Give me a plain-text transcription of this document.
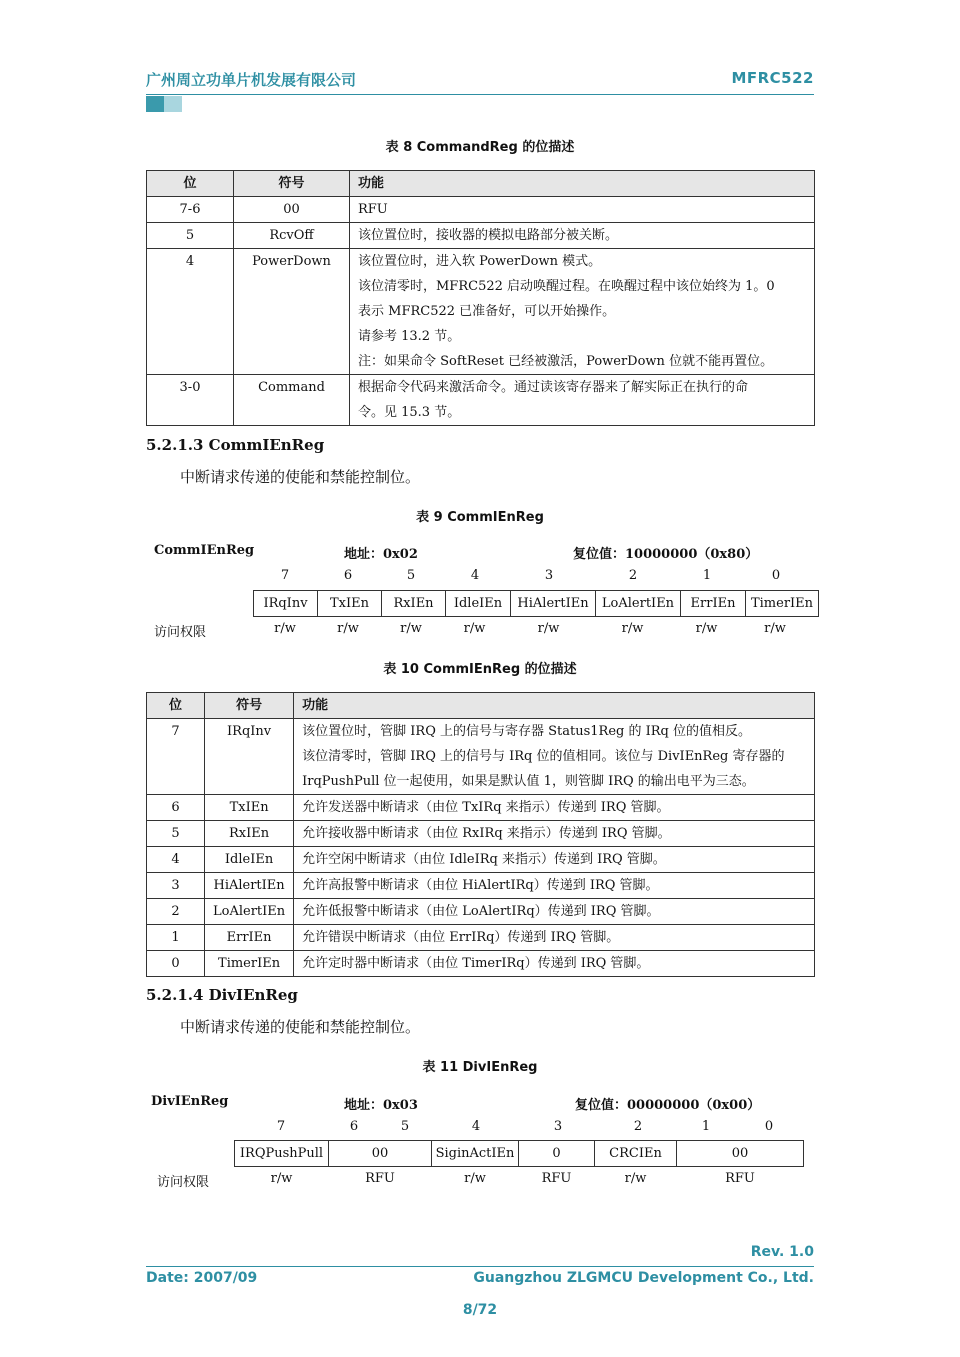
广州周立功单片机发展有限公司	MFRC522
表 8 CommandReg 的位描述
位	符号	功能
7-6	00	RFU

5	RcvOff	该位置位时，接收器的模拟电路部分被关断。

4	PowerDown	该位置位时，进入软 PowerDown 模式。
该位清零时，MFRC522 启动唤醒过程。在唤醒过程中该位始终为 1。0
表示 MFRC522 已准备好，可以开始操作。
请参考 13.2 节。
注：如果命令 SoftReset 已经被激活，PowerDown 位就不能再置位。

3-0	Command	根据命令代码来激活命令。通过读该寄存器来了解实际正在执行的命
令。见 15.3 节。
5.2.1.3 CommIEnReg
中断请求传递的使能和禁能控制位。
表 9 CommIEnReg
CommIEnReg	地址：0x02	复位值：10000000（0x80）
7	6	5	4	3	2	1	0
IRqInv	TxIEn	RxIEn	IdleIEn	HiAlertIEn	LoAlertIEn	ErrIEn	TimerIEn
访问权限	r/w	r/w	r/w	r/w	r/w	r/w	r/w	r/w
表 10 CommIEnReg 的位描述
位	符号	功能
7	IRqInv	该位置位时，管脚 IRQ 上的信号与寄存器 Status1Reg 的 IRq 位的值相反。
该位清零时，管脚 IRQ 上的信号与 IRq 位的值相同。该位与 DivIEnReg 寄存器的
IrqPushPull 位一起使用，如果是默认值 1，则管脚 IRQ 的输出电平为三态。

6	TxIEn	允许发送器中断请求（由位 TxIRq 来指示）传递到 IRQ 管脚。

5	RxIEn	允许接收器中断请求（由位 RxIRq 来指示）传递到 IRQ 管脚。

4	IdleIEn	允许空闲中断请求（由位 IdleIRq 来指示）传递到 IRQ 管脚。

3	HiAlertIEn	允许高报警中断请求（由位 HiAlertIRq）传递到 IRQ 管脚。

2	LoAlertIEn	允许低报警中断请求（由位 LoAlertIRq）传递到 IRQ 管脚。

1	ErrIEn	允许错误中断请求（由位 ErrIRq）传递到 IRQ 管脚。

0	TimerIEn	允许定时器中断请求（由位 TimerIRq）传递到 IRQ 管脚。
5.2.1.4 DivIEnReg
中断请求传递的使能和禁能控制位。
表 11 DivIEnReg
DivIEnReg	地址：0x03	复位值：00000000（0x00）
7	6	5	4	3	2	1	0
IRQPushPull	00	SiginActIEn	0	CRCIEn	00
访问权限	r/w	RFU	r/w	RFU	r/w	RFU
Rev. 1.0
Date: 2007/09	Guangzhou ZLGMCU Development Co., Ltd.
8/72
